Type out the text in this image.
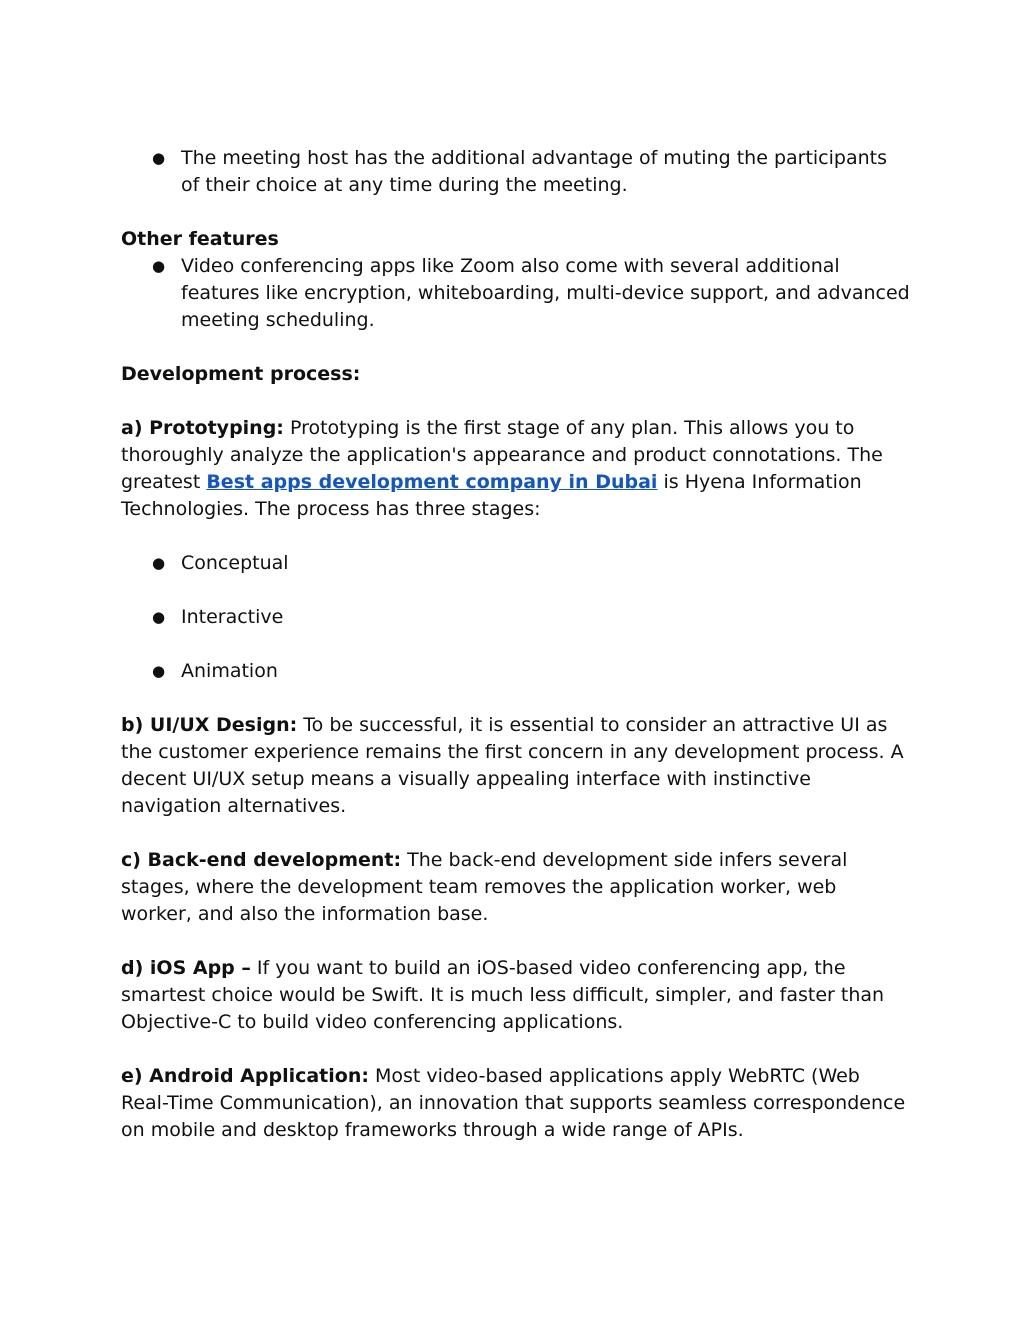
● The meeting host has the additional advantage of muting the participants of their choice at any time during the meeting.

Other features

● Video conferencing apps like Zoom also come with several additional features like encryption, whiteboarding, multi-device support, and advanced meeting scheduling.

Development process:

a) Prototyping: Prototyping is the first stage of any plan. This allows you to thoroughly analyze the application's appearance and product connotations. The greatest Best apps development company in Dubai is Hyena Information Technologies. The process has three stages:

● Conceptual
● Interactive
● Animation

b) UI/UX Design: To be successful, it is essential to consider an attractive UI as the customer experience remains the first concern in any development process. A decent UI/UX setup means a visually appealing interface with instinctive navigation alternatives.

c) Back-end development: The back-end development side infers several stages, where the development team removes the application worker, web worker, and also the information base.

d) iOS App – If you want to build an iOS-based video conferencing app, the smartest choice would be Swift. It is much less difficult, simpler, and faster than Objective-C to build video conferencing applications.

e) Android Application: Most video-based applications apply WebRTC (Web Real-Time Communication), an innovation that supports seamless correspondence on mobile and desktop frameworks through a wide range of APIs.
